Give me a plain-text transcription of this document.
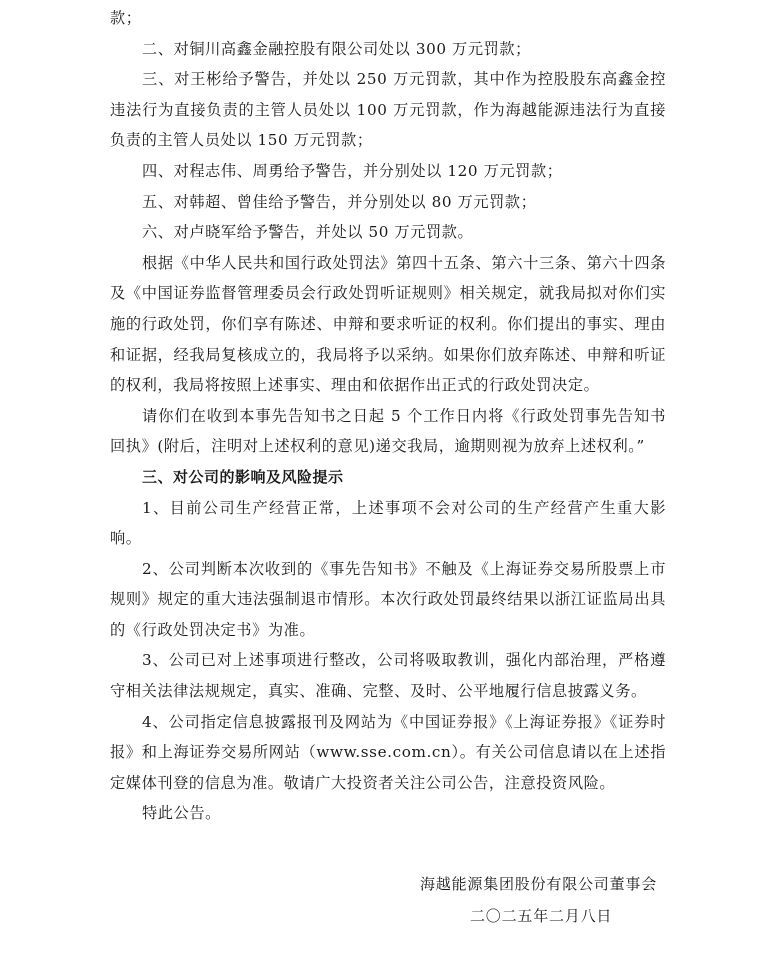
款；

二、对铜川高鑫金融控股有限公司处以 300 万元罚款；

三、对王彬给予警告，并处以 250 万元罚款，其中作为控股股东高鑫金控违法行为直接负责的主管人员处以 100 万元罚款，作为海越能源违法行为直接负责的主管人员处以 150 万元罚款；

四、对程志伟、周勇给予警告，并分别处以 120 万元罚款；

五、对韩超、曾佳给予警告，并分别处以 80 万元罚款；

六、对卢晓军给予警告，并处以 50 万元罚款。

根据《中华人民共和国行政处罚法》第四十五条、第六十三条、第六十四条及《中国证券监督管理委员会行政处罚听证规则》相关规定，就我局拟对你们实施的行政处罚，你们享有陈述、申辩和要求听证的权利。你们提出的事实、理由和证据，经我局复核成立的，我局将予以采纳。如果你们放弃陈述、申辩和听证的权利，我局将按照上述事实、理由和依据作出正式的行政处罚决定。

请你们在收到本事先告知书之日起 5 个工作日内将《行政处罚事先告知书回执》(附后，注明对上述权利的意见)递交我局，逾期则视为放弃上述权利。”

三、对公司的影响及风险提示

1、目前公司生产经营正常，上述事项不会对公司的生产经营产生重大影响。

2、公司判断本次收到的《事先告知书》不触及《上海证券交易所股票上市规则》规定的重大违法强制退市情形。本次行政处罚最终结果以浙江证监局出具的《行政处罚决定书》为准。

3、公司已对上述事项进行整改，公司将吸取教训，强化内部治理，严格遵守相关法律法规规定，真实、准确、完整、及时、公平地履行信息披露义务。

4、公司指定信息披露报刊及网站为《中国证券报》《上海证券报》《证券时报》和上海证券交易所网站（www.sse.com.cn）。有关公司信息请以在上述指定媒体刊登的信息为准。敬请广大投资者关注公司公告，注意投资风险。

特此公告。

海越能源集团股份有限公司董事会

二〇二五年二月八日
